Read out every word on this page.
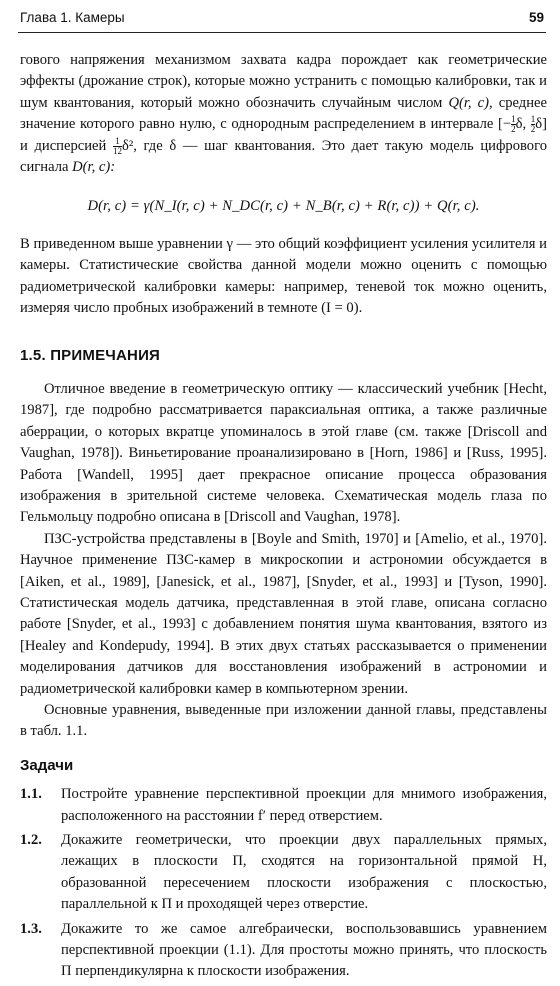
Глава 1. Камеры	59

гового напряжения механизмом захвата кадра порождает как геометрические эффекты (дрожание строк), которые можно устранить с помощью калибровки, так и шум квантования, который можно обозначить случайным числом Q(r, c), среднее значение которого равно нулю, с однородным распределением в интервале [− $\frac{1}{2} \delta$, $\frac{1}{2} \delta$] и дисперсией $\frac{1}{12} \delta^2$, где δ — шаг квантования. Это дает такую модель цифрового сигнала D(r, c):

D(r, c) = γ(N_I(r, c) + N_DC(r, c) + N_B(r, c) + R(r, c)) + Q(r, c).

В приведенном выше уравнении γ — это общий коэффициент усиления усилителя и камеры. Статистические свойства данной модели можно оценить с помощью радиометрической калибровки камеры: например, теневой ток можно оценить, измеряя число пробных изображений в темноте (I = 0).

1.5. ПРИМЕЧАНИЯ

Отличное введение в геометрическую оптику — классический учебник [Hecht, 1987], где подробно рассматривается параксиальная оптика, а также различные аберрации, о которых вкратце упоминалось в этой главе (см. также [Driscoll and Vaughan, 1978]). Виньетирование проанализировано в [Horn, 1986] и [Russ, 1995]. Работа [Wandell, 1995] дает прекрасное описание процесса образования изображения в зрительной системе человека. Схематическая модель глаза по Гельмольцу подробно описана в [Driscoll and Vaughan, 1978].

ПЗС-устройства представлены в [Boyle and Smith, 1970] и [Amelio, et al., 1970]. Научное применение ПЗС-камер в микроскопии и астрономии обсуждается в [Aiken, et al., 1989], [Janesick, et al., 1987], [Snyder, et al., 1993] и [Tyson, 1990]. Статистическая модель датчика, представленная в этой главе, описана согласно работе [Snyder, et al., 1993] с добавлением понятия шума квантования, взятого из [Healey and Kondepudy, 1994]. В этих двух статьях рассказывается о применении моделирования датчиков для восстановления изображений в астрономии и радиометрической калибровки камер в компьютерном зрении.

Основные уравнения, выведенные при изложении данной главы, представлены в табл. 1.1.

Задачи
1.1. Постройте уравнение перспективной проекции для мнимого изображения, расположенного на расстоянии f′ перед отверстием.
1.2. Докажите геометрически, что проекции двух параллельных прямых, лежащих в плоскости Π, сходятся на горизонтальной прямой H, образованной пересечением плоскости изображения с плоскостью, параллельной к Π и проходящей через отверстие.
1.3. Докажите то же самое алгебраически, воспользовавшись уравнением перспективной проекции (1.1). Для простоты можно принять, что плоскость Π перпендикулярна к плоскости изображения.
